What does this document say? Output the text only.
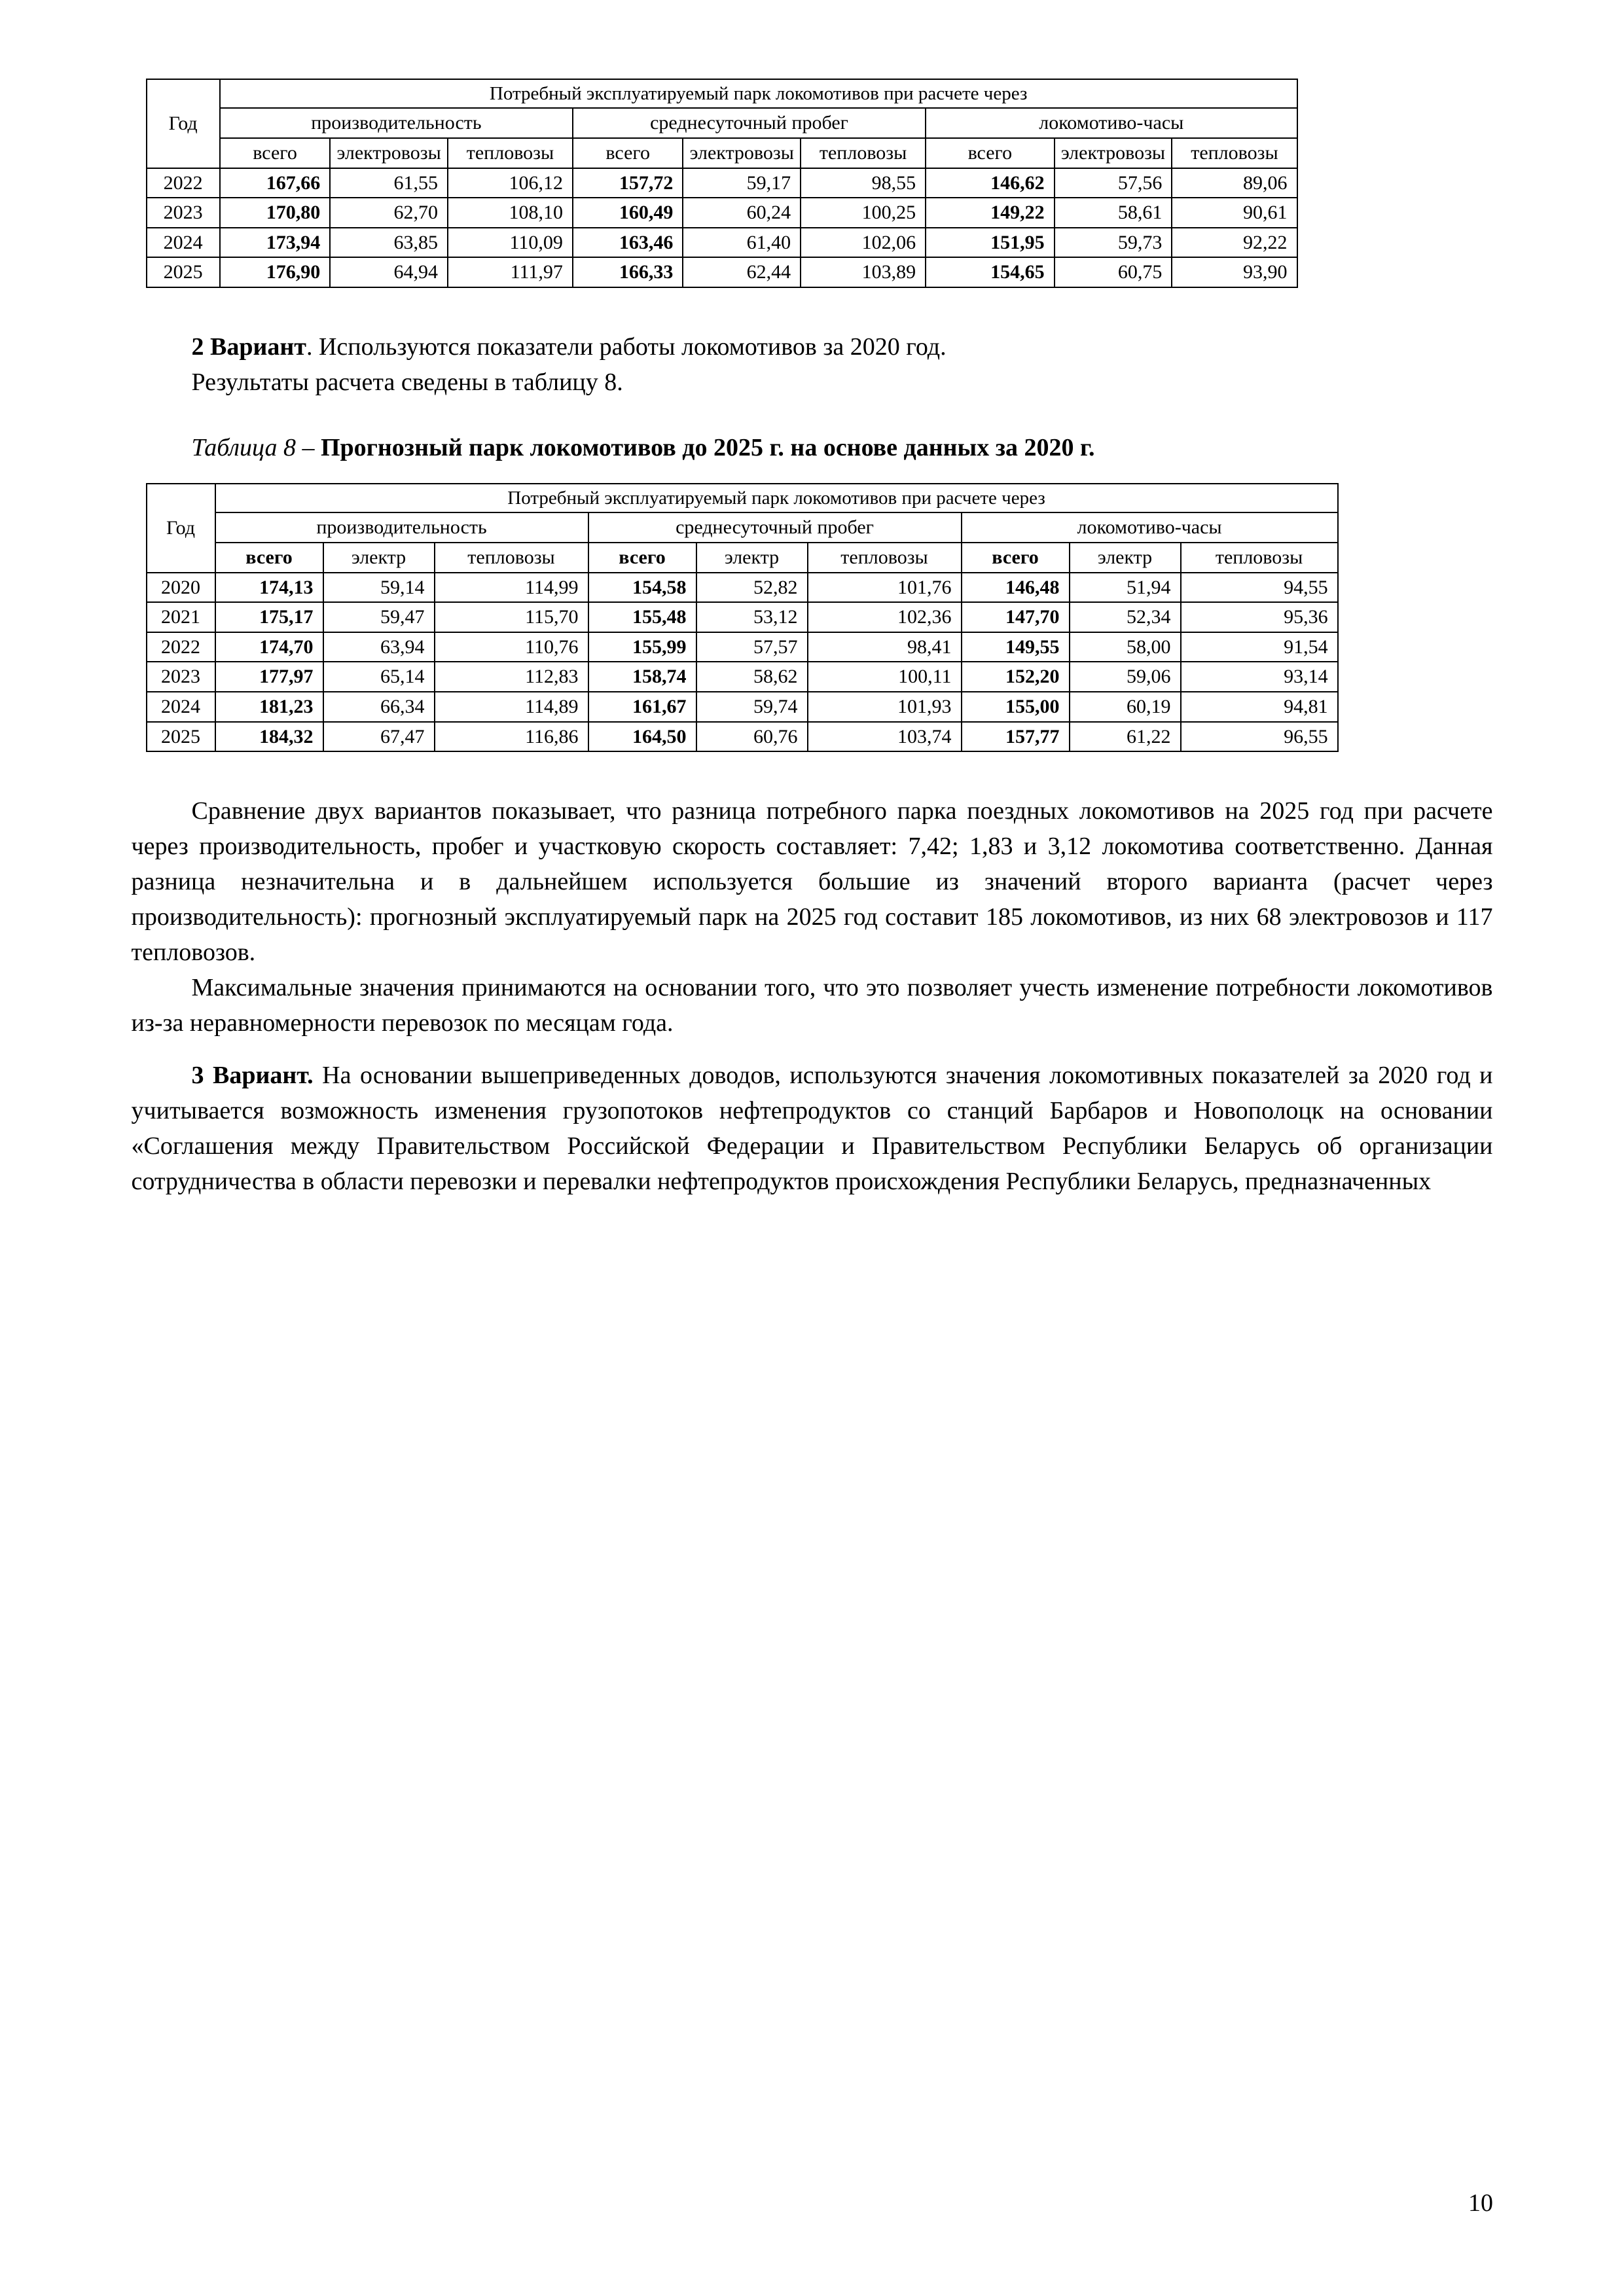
Год	Потребный эксплуатируемый парк локомотивов при расчете через								
	производительность			среднесуточный пробег			локомотиво-часы		
	всего	электровозы	тепловозы	всего	электровозы	тепловозы	всего	электровозы	тепловозы
2022	167,66	61,55	106,12	157,72	59,17	98,55	146,62	57,56	89,06
2023	170,80	62,70	108,10	160,49	60,24	100,25	149,22	58,61	90,61
2024	173,94	63,85	110,09	163,46	61,40	102,06	151,95	59,73	92,22
2025	176,90	64,94	111,97	166,33	62,44	103,89	154,65	60,75	93,90

2 Вариант. Используются показатели работы локомотивов за 2020 год.

Результаты расчета сведены в таблицу 8.

Таблица 8 – Прогнозный парк локомотивов до 2025 г. на основе данных за 2020 г.

Год	Потребный эксплуатируемый парк локомотивов при расчете через								
	производительность			среднесуточный пробег			локомотиво-часы		
	всего	электр	тепловозы	всего	электр	тепловозы	всего	электр	тепловозы
2020	174,13	59,14	114,99	154,58	52,82	101,76	146,48	51,94	94,55
2021	175,17	59,47	115,70	155,48	53,12	102,36	147,70	52,34	95,36
2022	174,70	63,94	110,76	155,99	57,57	98,41	149,55	58,00	91,54
2023	177,97	65,14	112,83	158,74	58,62	100,11	152,20	59,06	93,14
2024	181,23	66,34	114,89	161,67	59,74	101,93	155,00	60,19	94,81
2025	184,32	67,47	116,86	164,50	60,76	103,74	157,77	61,22	96,55

Сравнение двух вариантов показывает, что разница потребного парка поездных локомотивов на 2025 год при расчете через производительность, пробег и участковую скорость составляет: 7,42; 1,83 и 3,12 локомотива соответственно. Данная разница незначительна и в дальнейшем используется большие из значений второго варианта (расчет через производительность): прогнозный эксплуатируемый парк на 2025 год составит 185 локомотивов, из них 68 электровозов и 117 тепловозов.

Максимальные значения принимаются на основании того, что это позволяет учесть изменение потребности локомотивов из-за неравномерности перевозок по месяцам года.

3 Вариант. На основании вышеприведенных доводов, используются значения локомотивных показателей за 2020 год и учитывается возможность изменения грузопотоков нефтепродуктов со станций Барбаров и Новополоцк на основании «Соглашения между Правительством Российской Федерации и Правительством Республики Беларусь об организации сотрудничества в области перевозки и перевалки нефтепродуктов происхождения Республики Беларусь, предназначенных

10
